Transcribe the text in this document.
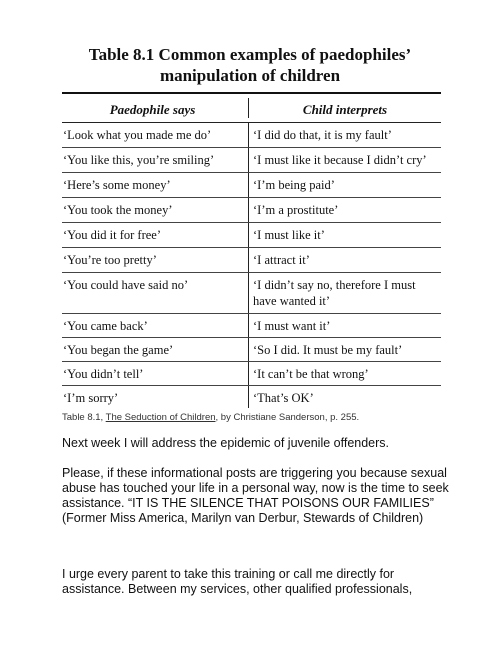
Table 8.1 Common examples of paedophiles’
manipulation of children
Paedophile says	Child interprets
‘Look what you made me do’	‘I did do that, it is my fault’
‘You like this, you’re smiling’	‘I must like it because I didn’t cry’
‘Here’s some money’	‘I’m being paid’
‘You took the money’	‘I’m a prostitute’
‘You did it for free’	‘I must like it’
‘You’re too pretty’	‘I attract it’
‘You could have said no’	‘I didn’t say no, therefore I must have wanted it’
‘You came back’	‘I must want it’
‘You began the game’	‘So I did. It must be my fault’
‘You didn’t tell’	‘It can’t be that wrong’
‘I’m sorry’	‘That’s OK’
Table 8.1, The Seduction of Children, by Christiane Sanderson, p. 255.
Next week I will address the epidemic of juvenile offenders.
Please, if these informational posts are triggering you because sexual abuse has touched your life in a personal way, now is the time to seek assistance. “IT IS THE SILENCE THAT POISONS OUR FAMILIES” (Former Miss America, Marilyn van Derbur, Stewards of Children)
I urge every parent to take this training or call me directly for assistance. Between my services, other qualified professionals,
